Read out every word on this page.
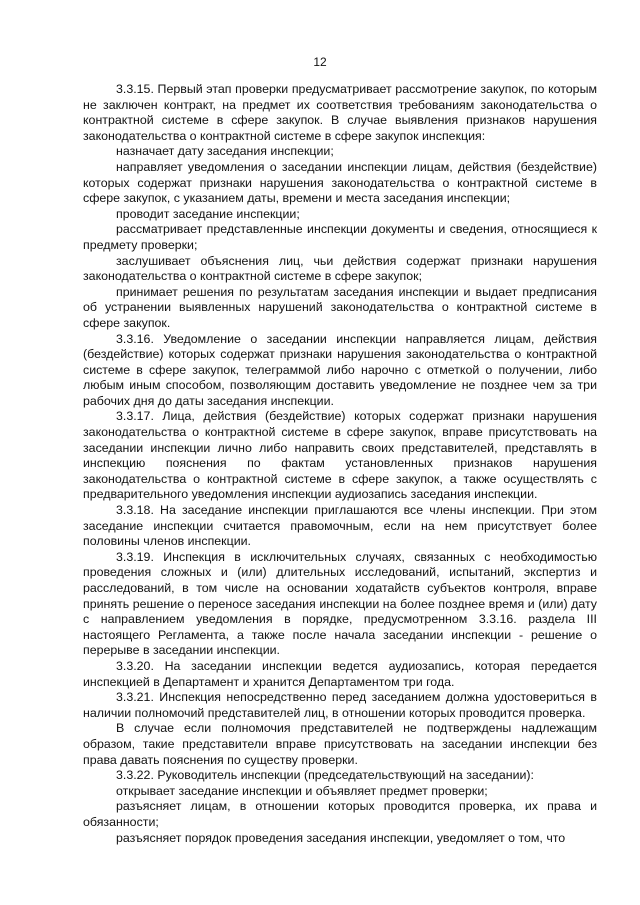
12

3.3.15. Первый этап проверки предусматривает рассмотрение закупок, по которым не заключен контракт, на предмет их соответствия требованиям законодательства о контрактной системе в сфере закупок. В случае выявления признаков нарушения законодательства о контрактной системе в сфере закупок инспекция:

назначает дату заседания инспекции;

направляет уведомления о заседании инспекции лицам, действия (бездействие) которых содержат признаки нарушения законодательства о контрактной системе в сфере закупок, с указанием даты, времени и места заседания инспекции;

проводит заседание инспекции;

рассматривает представленные инспекции документы и сведения, относящиеся к предмету проверки;

заслушивает объяснения лиц, чьи действия содержат признаки нарушения законодательства о контрактной системе в сфере закупок;

принимает решения по результатам заседания инспекции и выдает предписания об устранении выявленных нарушений законодательства о контрактной системе в сфере закупок.

3.3.16. Уведомление о заседании инспекции направляется лицам, действия (бездействие) которых содержат признаки нарушения законодательства о контрактной системе в сфере закупок, телеграммой либо нарочно с отметкой о получении, либо любым иным способом, позволяющим доставить уведомление не позднее чем за три рабочих дня до даты заседания инспекции.

3.3.17. Лица, действия (бездействие) которых содержат признаки нарушения законодательства о контрактной системе в сфере закупок, вправе присутствовать на заседании инспекции лично либо направить своих представителей, представлять в инспекцию пояснения по фактам установленных признаков нарушения законодательства о контрактной системе в сфере закупок, а также осуществлять с предварительного уведомления инспекции аудиозапись заседания инспекции.

3.3.18. На заседание инспекции приглашаются все члены инспекции. При этом заседание инспекции считается правомочным, если на нем присутствует более половины членов инспекции.

3.3.19. Инспекция в исключительных случаях, связанных с необходимостью проведения сложных и (или) длительных исследований, испытаний, экспертиз и расследований, в том числе на основании ходатайств субъектов контроля, вправе принять решение о переносе заседания инспекции на более позднее время и (или) дату с направлением уведомления в порядке, предусмотренном 3.3.16. раздела III настоящего Регламента, а также после начала заседании инспекции - решение о перерыве в заседании инспекции.

3.3.20. На заседании инспекции ведется аудиозапись, которая передается инспекцией в Департамент и хранится Департаментом три года.

3.3.21. Инспекция непосредственно перед заседанием должна удостовериться в наличии полномочий представителей лиц, в отношении которых проводится проверка.

В случае если полномочия представителей не подтверждены надлежащим образом, такие представители вправе присутствовать на заседании инспекции без права давать пояснения по существу проверки.

3.3.22. Руководитель инспекции (председательствующий на заседании):

открывает заседание инспекции и объявляет предмет проверки;

разъясняет лицам, в отношении которых проводится проверка, их права и обязанности;

разъясняет порядок проведения заседания инспекции, уведомляет о том, что
